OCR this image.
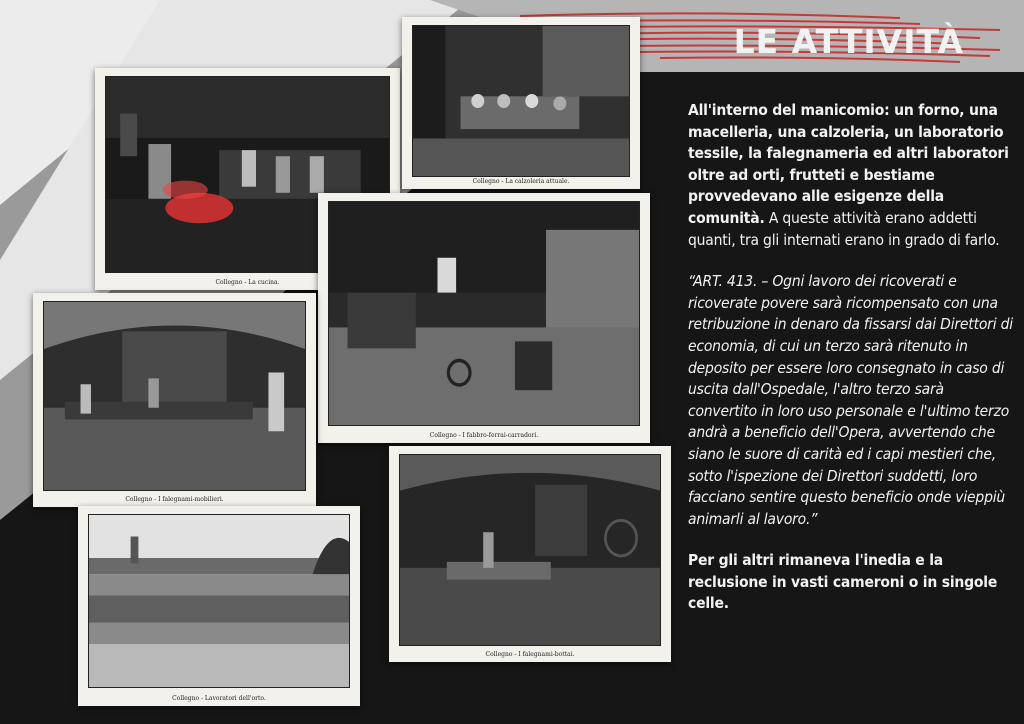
LE ATTIVITÀ
Collegno - La cucina.
Collegno - La calzoleria attuale.
Collegno - I fabbro-ferrai-carradori.
Collegno - I falegnami-mobilieri.
Collegno - Lavoratori dell'orto.
Collegno - I falegnami-bottai.

All'interno del manicomio: un forno, una macelleria, una calzoleria, un laboratorio tessile, la falegnameria ed altri laboratori oltre ad orti, frutteti e bestiame provvedevano alle esigenze della comunità. A queste attività erano addetti quanti, tra gli internati erano in grado di farlo.

“ART. 413. – Ogni lavoro dei ricoverati e ricoverate povere sarà ricompensato con una retribuzione in denaro da fissarsi dai Direttori di economia, di cui un terzo sarà ritenuto in deposito per essere loro consegnato in caso di uscita dall'Ospedale, l'altro terzo sarà convertito in loro uso personale e l'ultimo terzo andrà a beneficio dell'Opera, avvertendo che siano le suore di carità ed i capi mestieri che, sotto l'ispezione dei Direttori suddetti, loro facciano sentire questo beneficio onde vieppiù animarli al lavoro.”

Per gli altri rimaneva l'inedia e la reclusione in vasti cameroni o in singole celle.
